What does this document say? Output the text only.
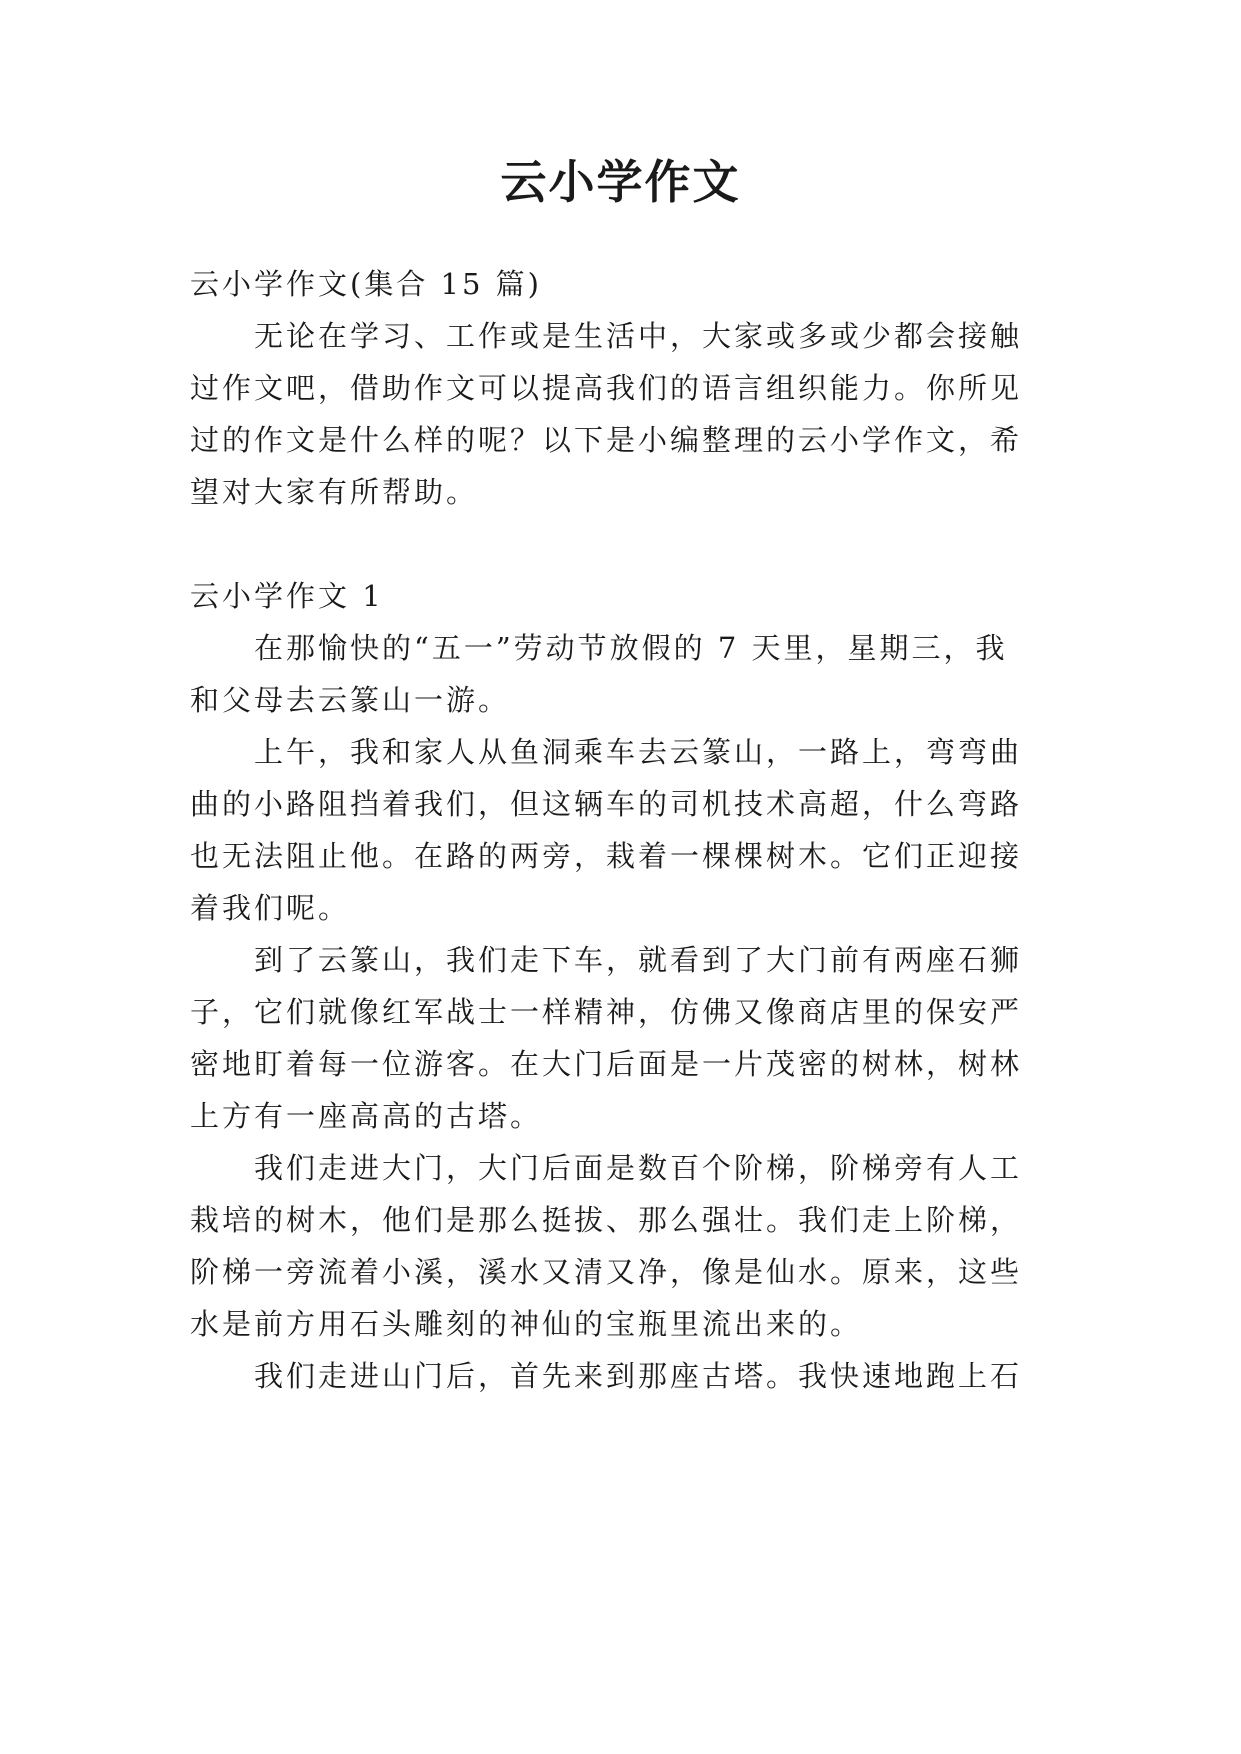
云小学作文
云小学作文(集合 15 篇)
无论在学习、工作或是生活中，大家或多或少都会接触
过作文吧，借助作文可以提高我们的语言组织能力。你所见
过的作文是什么样的呢？以下是小编整理的云小学作文，希
望对大家有所帮助。
云小学作文 1
在那愉快的“五一”劳动节放假的 7 天里，星期三，我
和父母去云篆山一游。
上午，我和家人从鱼洞乘车去云篆山，一路上，弯弯曲
曲的小路阻挡着我们，但这辆车的司机技术高超，什么弯路
也无法阻止他。在路的两旁，栽着一棵棵树木。它们正迎接
着我们呢。
到了云篆山，我们走下车，就看到了大门前有两座石狮
子，它们就像红军战士一样精神，仿佛又像商店里的保安严
密地盯着每一位游客。在大门后面是一片茂密的树林，树林
上方有一座高高的古塔。
我们走进大门，大门后面是数百个阶梯，阶梯旁有人工
栽培的树木，他们是那么挺拔、那么强壮。我们走上阶梯，
阶梯一旁流着小溪，溪水又清又净，像是仙水。原来，这些
水是前方用石头雕刻的神仙的宝瓶里流出来的。
我们走进山门后，首先来到那座古塔。我快速地跑上石
